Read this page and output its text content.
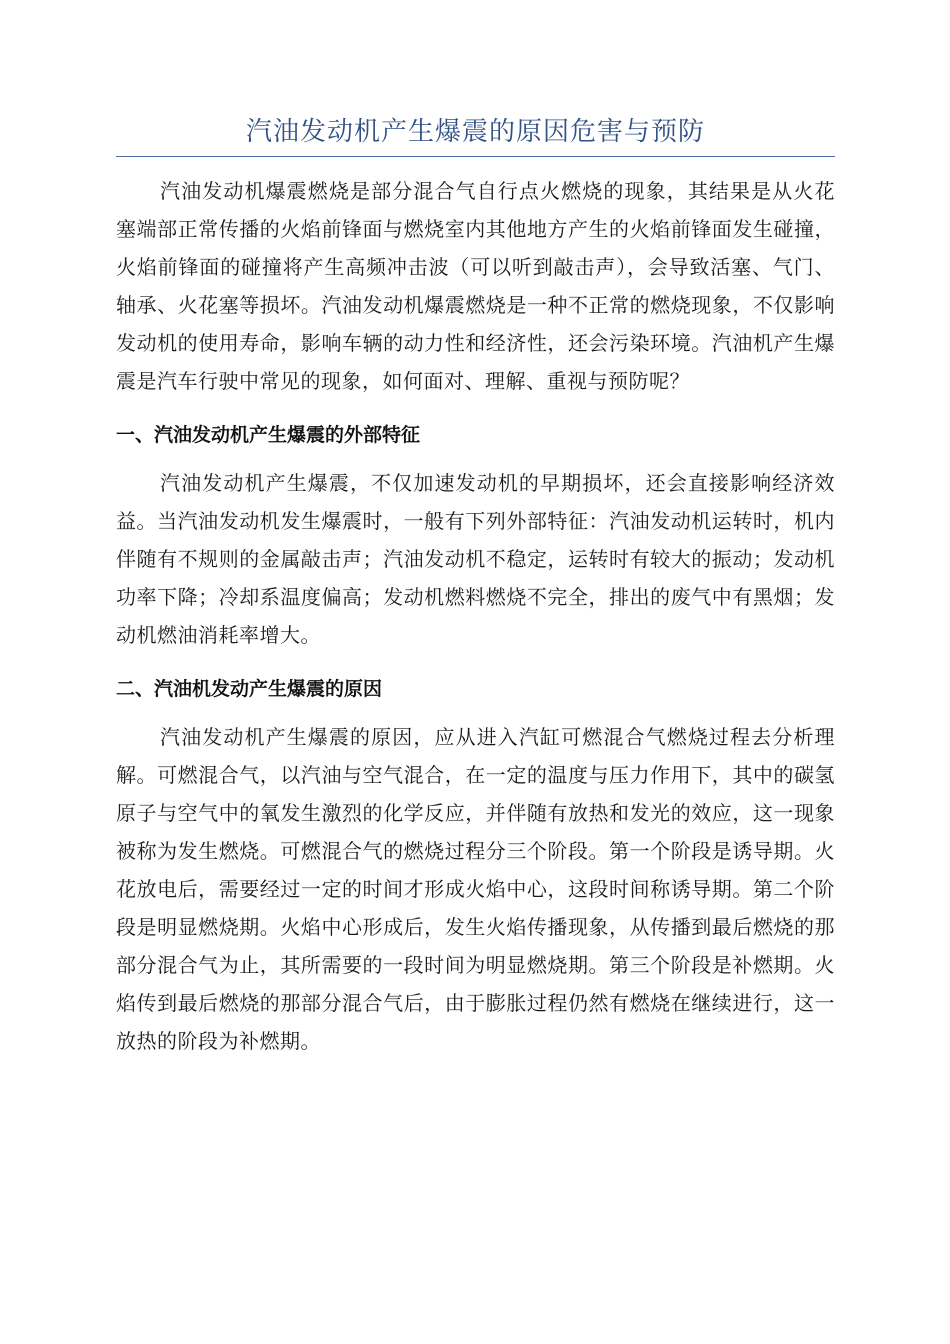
汽油发动机产生爆震的原因危害与预防

汽油发动机爆震燃烧是部分混合气自行点火燃烧的现象，其结果是从火花塞端部正常传播的火焰前锋面与燃烧室内其他地方产生的火焰前锋面发生碰撞，火焰前锋面的碰撞将产生高频冲击波（可以听到敲击声），会导致活塞、气门、轴承、火花塞等损坏。汽油发动机爆震燃烧是一种不正常的燃烧现象，不仅影响发动机的使用寿命，影响车辆的动力性和经济性，还会污染环境。汽油机产生爆震是汽车行驶中常见的现象，如何面对、理解、重视与预防呢？

一、汽油发动机产生爆震的外部特征

汽油发动机产生爆震，不仅加速发动机的早期损坏，还会直接影响经济效益。当汽油发动机发生爆震时，一般有下列外部特征：汽油发动机运转时，机内伴随有不规则的金属敲击声；汽油发动机不稳定，运转时有较大的振动；发动机功率下降；冷却系温度偏高；发动机燃料燃烧不完全，排出的废气中有黑烟；发动机燃油消耗率增大。

二、汽油机发动产生爆震的原因

汽油发动机产生爆震的原因，应从进入汽缸可燃混合气燃烧过程去分析理解。可燃混合气，以汽油与空气混合，在一定的温度与压力作用下，其中的碳氢原子与空气中的氧发生激烈的化学反应，并伴随有放热和发光的效应，这一现象被称为发生燃烧。可燃混合气的燃烧过程分三个阶段。第一个阶段是诱导期。火花放电后，需要经过一定的时间才形成火焰中心，这段时间称诱导期。第二个阶段是明显燃烧期。火焰中心形成后，发生火焰传播现象，从传播到最后燃烧的那部分混合气为止，其所需要的一段时间为明显燃烧期。第三个阶段是补燃期。火焰传到最后燃烧的那部分混合气后，由于膨胀过程仍然有燃烧在继续进行，这一放热的阶段为补燃期。
